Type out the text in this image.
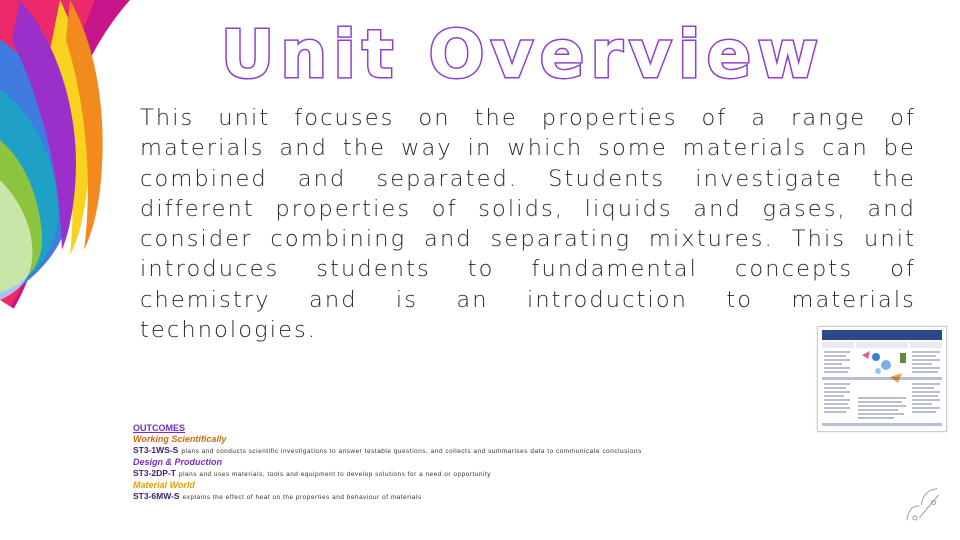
Unit Overview

This unit focuses on the properties of a range of materials and the way in which some materials can be combined and separated. Students investigate the different properties of solids, liquids and gases, and consider combining and separating mixtures. This unit introduces students to fundamental concepts of chemistry and is an introduction to materials technologies.

OUTCOMES
Working Scientifically
ST3-1WS-S plans and conducts scientific investigations to answer testable questions, and collects and summarises data to communicate conclusions
Design & Production
ST3-2DP-T plans and uses materials, tools and equipment to develop solutions for a need or opportunity
Material World
ST3-6MW-S explains the effect of heat on the properties and behaviour of materials
